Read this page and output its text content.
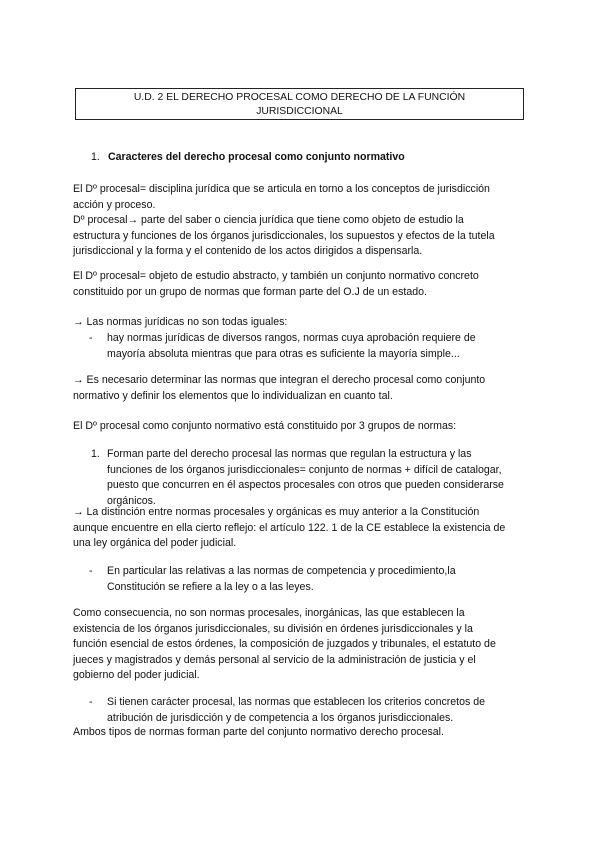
U.D. 2 EL DERECHO PROCESAL COMO DERECHO DE LA FUNCIÓN
JURISDICCIONAL
1. Caracteres del derecho procesal como conjunto normativo
El Dº procesal= disciplina jurídica que se articula en torno a los conceptos de jurisdicción
acción y proceso.
Dº procesal→ parte del saber o ciencia jurídica que tiene como objeto de estudio la
estructura y funciones de los órganos jurisdiccionales, los supuestos y efectos de la tutela
jurisdiccional y la forma y el contenido de los actos dirigidos a dispensarla.
El Dº procesal= objeto de estudio abstracto, y también un conjunto normativo concreto
constituido por un grupo de normas que forman parte del O.J de un estado.
→ Las normas jurídicas no son todas iguales:
- hay normas jurídicas de diversos rangos, normas cuya aprobación requiere de
mayoría absoluta mientras que para otras es suficiente la mayoría simple...
→ Es necesario determinar las normas que integran el derecho procesal como conjunto
normativo y definir los elementos que lo individualizan en cuanto tal.
El Dº procesal como conjunto normativo está constituido por 3 grupos de normas:
1. Forman parte del derecho procesal las normas que regulan la estructura y las
funciones de los órganos jurisdiccionales= conjunto de normas + difícil de catalogar,
puesto que concurren en él aspectos procesales con otros que pueden considerarse
orgánicos.
→ La distinción entre normas procesales y orgánicas es muy anterior a la Constitución
aunque encuentre en ella cierto reflejo: el artículo 122. 1 de la CE establece la existencia de
una ley orgánica del poder judicial.
- En particular las relativas a las normas de competencia y procedimiento,la
Constitución se refiere a la ley o a las leyes.
Como consecuencia, no son normas procesales, inorgánicas, las que establecen la
existencia de los órganos jurisdiccionales, su división en órdenes jurisdiccionales y la
función esencial de estos órdenes, la composición de juzgados y tribunales, el estatuto de
jueces y magistrados y demás personal al servicio de la administración de justicia y el
gobierno del poder judicial.
- Si tienen carácter procesal, las normas que establecen los criterios concretos de
atribución de jurisdicción y de competencia a los órganos jurisdiccionales.
Ambos tipos de normas forman parte del conjunto normativo derecho procesal.
